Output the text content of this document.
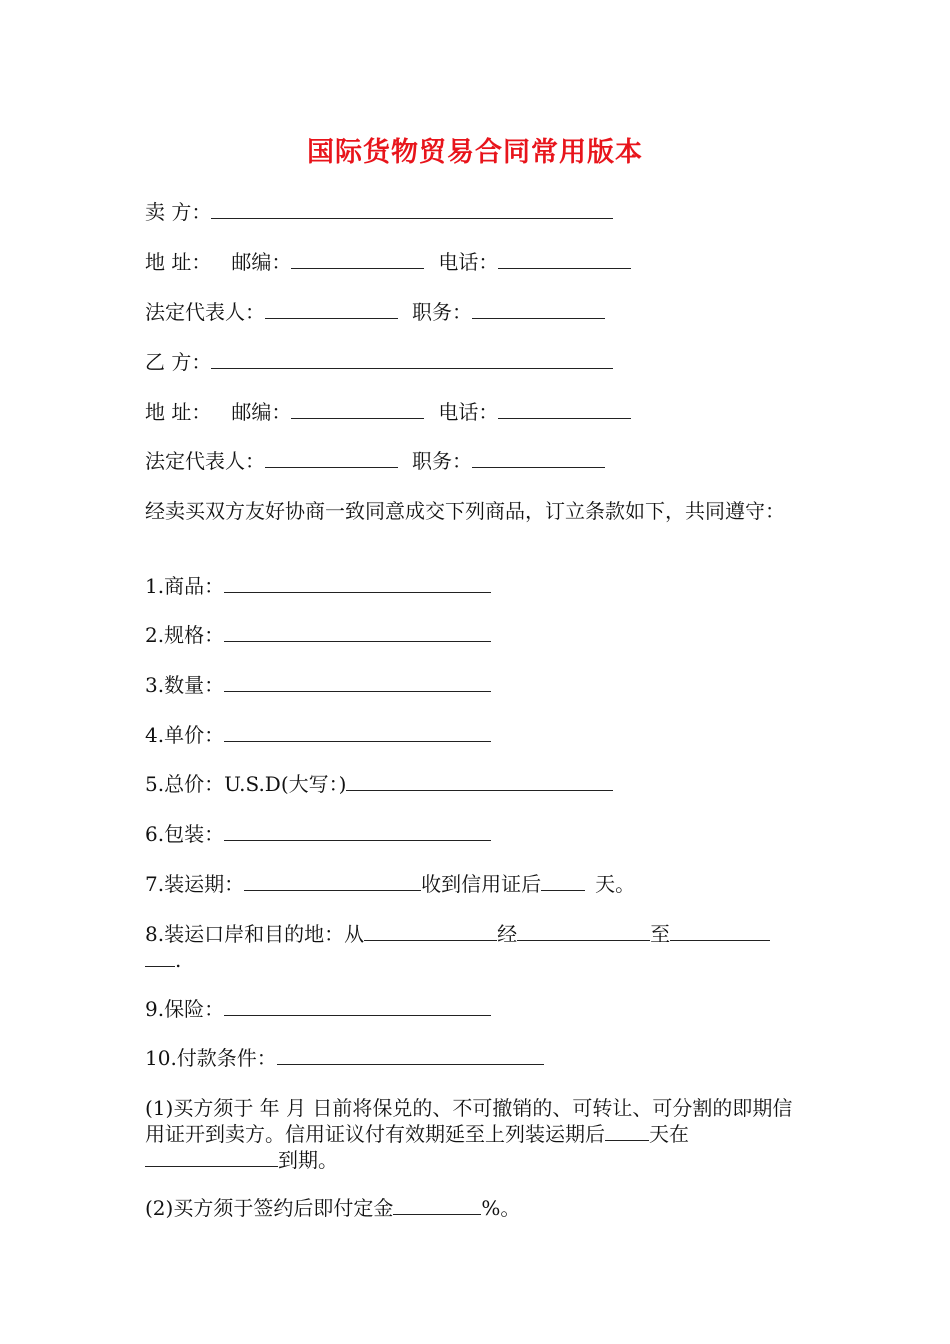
国际货物贸易合同常用版本
卖 方：
地 址： 邮编：	电话：
法定代表人：	职务：
乙 方：
地 址： 邮编：	电话：
法定代表人：	职务：
经卖买双方友好协商一致同意成交下列商品，订立条款如下，共同遵守：
1.商品：
2.规格：
3.数量：
4.单价：
5.总价：U.S.D(大写：)
6.包装：
7.装运期：	收到信用证后	天。
8.装运口岸和目的地：从	经	至
.
9.保险：
10.付款条件：
(1)买方须于 年 月 日前将保兑的、不可撤销的、可转让、可分割的即期信用证开到卖方。信用证议付有效期延至上列装运期后 天在到期。
(2)买方须于签约后即付定金	%。
